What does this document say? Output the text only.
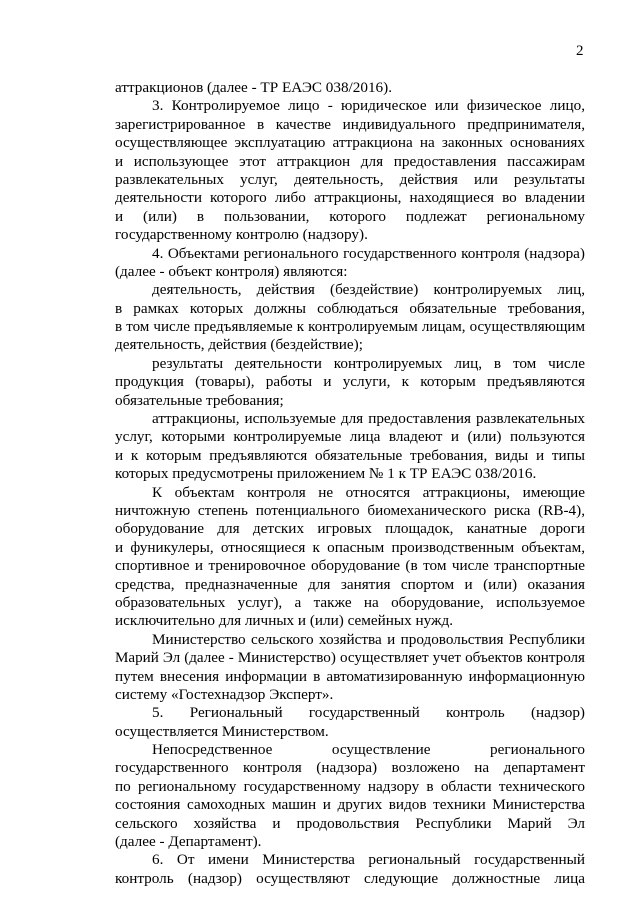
2
аттракционов (далее - ТР ЕАЭС 038/2016).
3. Контролируемое лицо - юридическое или физическое лицо,
зарегистрированное в качестве индивидуального предпринимателя,
осуществляющее эксплуатацию аттракциона на законных основаниях
и использующее этот аттракцион для предоставления пассажирам
развлекательных услуг, деятельность, действия или результаты
деятельности которого либо аттракционы, находящиеся во владении
и (или) в пользовании, которого подлежат региональному
государственному контролю (надзору).
4. Объектами регионального государственного контроля (надзора)
(далее - объект контроля) являются:
деятельность, действия (бездействие) контролируемых лиц,
в рамках которых должны соблюдаться обязательные требования,
в том числе предъявляемые к контролируемым лицам, осуществляющим
деятельность, действия (бездействие);
результаты деятельности контролируемых лиц, в том числе
продукция (товары), работы и услуги, к которым предъявляются
обязательные требования;
аттракционы, используемые для предоставления развлекательных
услуг, которыми контролируемые лица владеют и (или) пользуются
и к которым предъявляются обязательные требования, виды и типы
которых предусмотрены приложением № 1 к ТР ЕАЭС 038/2016.
К объектам контроля не относятся аттракционы, имеющие
ничтожную степень потенциального биомеханического риска (RB-4),
оборудование для детских игровых площадок, канатные дороги
и фуникулеры, относящиеся к опасным производственным объектам,
спортивное и тренировочное оборудование (в том числе транспортные
средства, предназначенные для занятия спортом и (или) оказания
образовательных услуг), а также на оборудование, используемое
исключительно для личных и (или) семейных нужд.
Министерство сельского хозяйства и продовольствия Республики
Марий Эл (далее - Министерство) осуществляет учет объектов контроля
путем внесения информации в автоматизированную информационную
систему «Гостехнадзор Эксперт».
5. Региональный государственный контроль (надзор)
осуществляется Министерством.
Непосредственное осуществление регионального
государственного контроля (надзора) возложено на департамент
по региональному государственному надзору в области технического
состояния самоходных машин и других видов техники Министерства
сельского хозяйства и продовольствия Республики Марий Эл
(далее - Департамент).
6. От имени Министерства региональный государственный
контроль (надзор) осуществляют следующие должностные лица
